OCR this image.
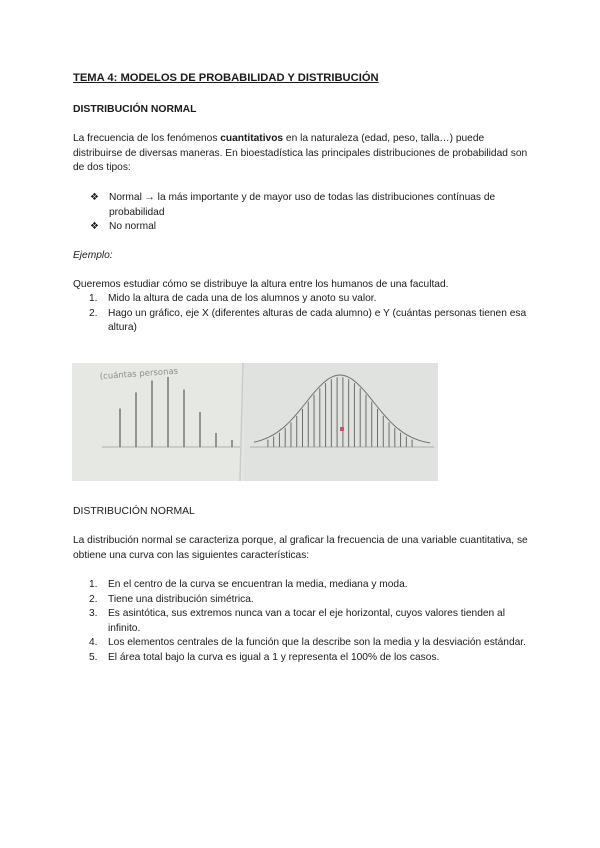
TEMA 4: MODELOS DE PROBABILIDAD Y DISTRIBUCIÓN
DISTRIBUCIÓN NORMAL
La frecuencia de los fenómenos cuantitativos en la naturaleza (edad, peso, talla…) puede distribuirse de diversas maneras. En bioestadística las principales distribuciones de probabilidad son de dos tipos:
❖ Normal → la más importante y de mayor uso de todas las distribuciones contínuas de probabilidad
❖ No normal
Ejemplo:
Queremos estudiar cómo se distribuye la altura entre los humanos de una facultad.
1. Mido la altura de cada una de los alumnos y anoto su valor.
2. Hago un gráfico, eje X (diferentes alturas de cada alumno) e Y (cuántas personas tienen esa altura)
(cuántas personas
DISTRIBUCIÓN NORMAL
La distribución normal se caracteriza porque, al graficar la frecuencia de una variable cuantitativa, se obtiene una curva con las siguientes características:
1. En el centro de la curva se encuentran la media, mediana y moda.
2. Tiene una distribución simétrica.
3. Es asintótica, sus extremos nunca van a tocar el eje horizontal, cuyos valores tienden al infinito.
4. Los elementos centrales de la función que la describe son la media y la desviación estándar.
5. El área total bajo la curva es igual a 1 y representa el 100% de los casos.
